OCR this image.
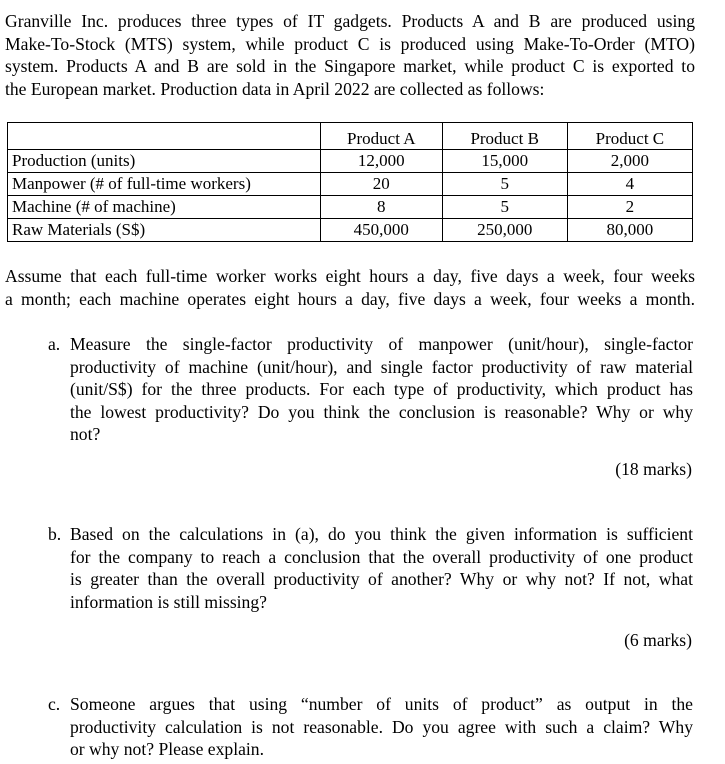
Granville Inc. produces three types of IT gadgets. Products A and B are produced using
Make-To-Stock (MTS) system, while product C is produced using Make-To-Order (MTO)
system. Products A and B are sold in the Singapore market, while product C is exported to
the European market. Production data in April 2022 are collected as follows:
	Product A	Product B	Product C
Production (units)	12,000	15,000	2,000
Manpower (# of full-time workers)	20	5	4
Machine (# of machine)	8	5	2
Raw Materials (S$)	450,000	250,000	80,000
Assume that each full-time worker works eight hours a day, five days a week, four weeks
a month; each machine operates eight hours a day, five days a week, four weeks a month.
a. Measure the single-factor productivity of manpower (unit/hour), single-factor
productivity of machine (unit/hour), and single factor productivity of raw material
(unit/S$) for the three products. For each type of productivity, which product has
the lowest productivity? Do you think the conclusion is reasonable? Why or why
not?
(18 marks)
b. Based on the calculations in (a), do you think the given information is sufficient
for the company to reach a conclusion that the overall productivity of one product
is greater than the overall productivity of another? Why or why not? If not, what
information is still missing?
(6 marks)
c. Someone argues that using “number of units of product” as output in the
productivity calculation is not reasonable. Do you agree with such a claim? Why
or why not? Please explain.
